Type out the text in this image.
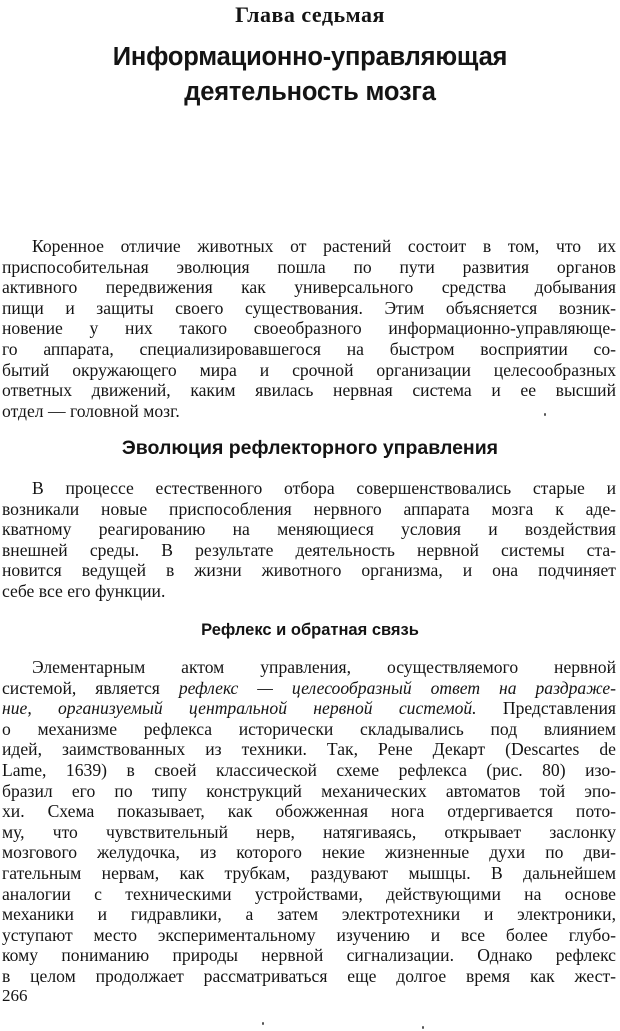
Глава седьмая
Информационно-управляющая
деятельность мозга
Коренное отличие животных от растений состоит в том, что их
приспособительная эволюция пошла по пути развития органов
активного передвижения как универсального средства добывания
пищи и защиты своего существования. Этим объясняется возник-
новение у них такого своеобразного информационно-управляюще-
го аппарата, специализировавшегося на быстром восприятии со-
бытий окружающего мира и срочной организации целесообразных
ответных движений, каким явилась нервная система и ее высший
отдел — головной мозг.
Эволюция рефлекторного управления
В процессе естественного отбора совершенствовались старые и
возникали новые приспособления нервного аппарата мозга к аде-
кватному реагированию на меняющиеся условия и воздействия
внешней среды. В результате деятельность нервной системы ста-
новится ведущей в жизни животного организма, и она подчиняет
себе все его функции.
Рефлекс и обратная связь
Элементарным актом управления, осуществляемого нервной
системой, является рефлекс — целесообразный ответ на раздраже-
ние, организуемый центральной нервной системой. Представления
о механизме рефлекса исторически складывались под влиянием
идей, заимствованных из техники. Так, Рене Декарт (Descartes de
Lame, 1639) в своей классической схеме рефлекса (рис. 80) изо-
бразил его по типу конструкций механических автоматов той эпо-
хи. Схема показывает, как обожженная нога отдергивается пото-
му, что чувствительный нерв, натягиваясь, открывает заслонку
мозгового желудочка, из которого некие жизненные духи по дви-
гательным нервам, как трубкам, раздувают мышцы. В дальнейшем
аналогии с техническими устройствами, действующими на основе
механики и гидравлики, а затем электротехники и электроники,
уступают место экспериментальному изучению и все более глубо-
кому пониманию природы нервной сигнализации. Однако рефлекс
в целом продолжает рассматриваться еще долгое время как жест-
266
